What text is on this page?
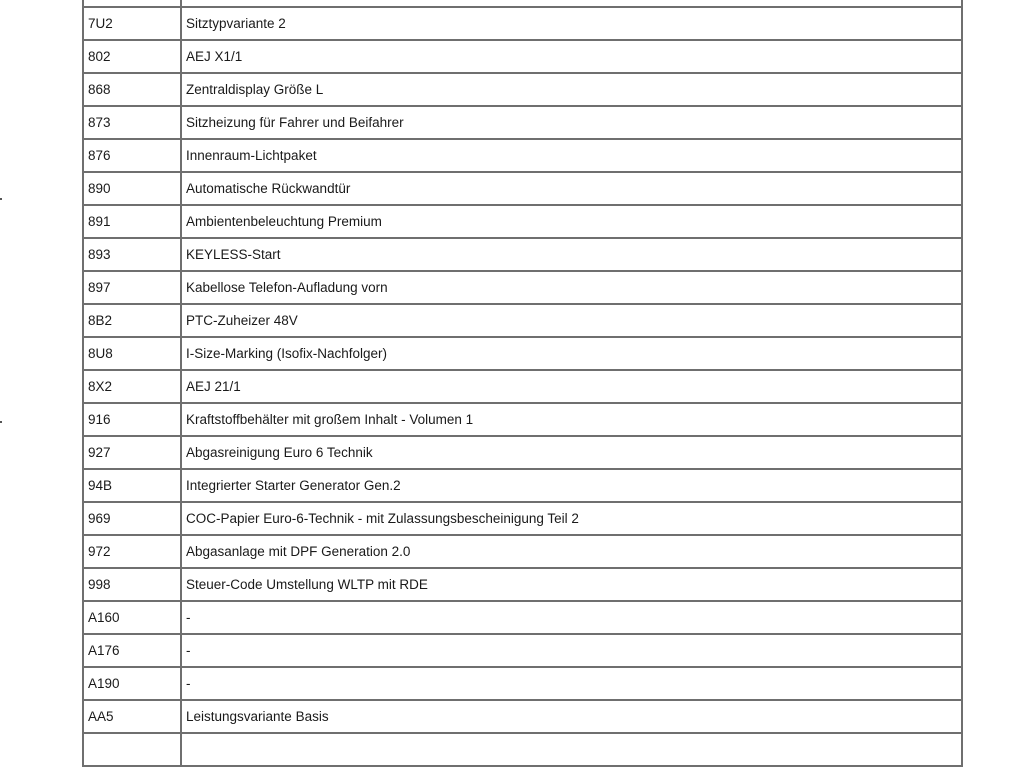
7U2	Sitztypvariante 2
802	AEJ X1/1
868	Zentraldisplay Größe L
873	Sitzheizung für Fahrer und Beifahrer
876	Innenraum-Lichtpaket
890	Automatische Rückwandtür
891	Ambientenbeleuchtung Premium
893	KEYLESS-Start
897	Kabellose Telefon-Aufladung vorn
8B2	PTC-Zuheizer 48V
8U8	I-Size-Marking (Isofix-Nachfolger)
8X2	AEJ 21/1
916	Kraftstoffbehälter mit großem Inhalt - Volumen 1
927	Abgasreinigung Euro 6 Technik
94B	Integrierter Starter Generator Gen.2
969	COC-Papier Euro-6-Technik - mit Zulassungsbescheinigung Teil 2
972	Abgasanlage mit DPF Generation 2.0
998	Steuer-Code Umstellung WLTP mit RDE
A160	-
A176	-
A190	-
AA5	Leistungsvariante Basis
